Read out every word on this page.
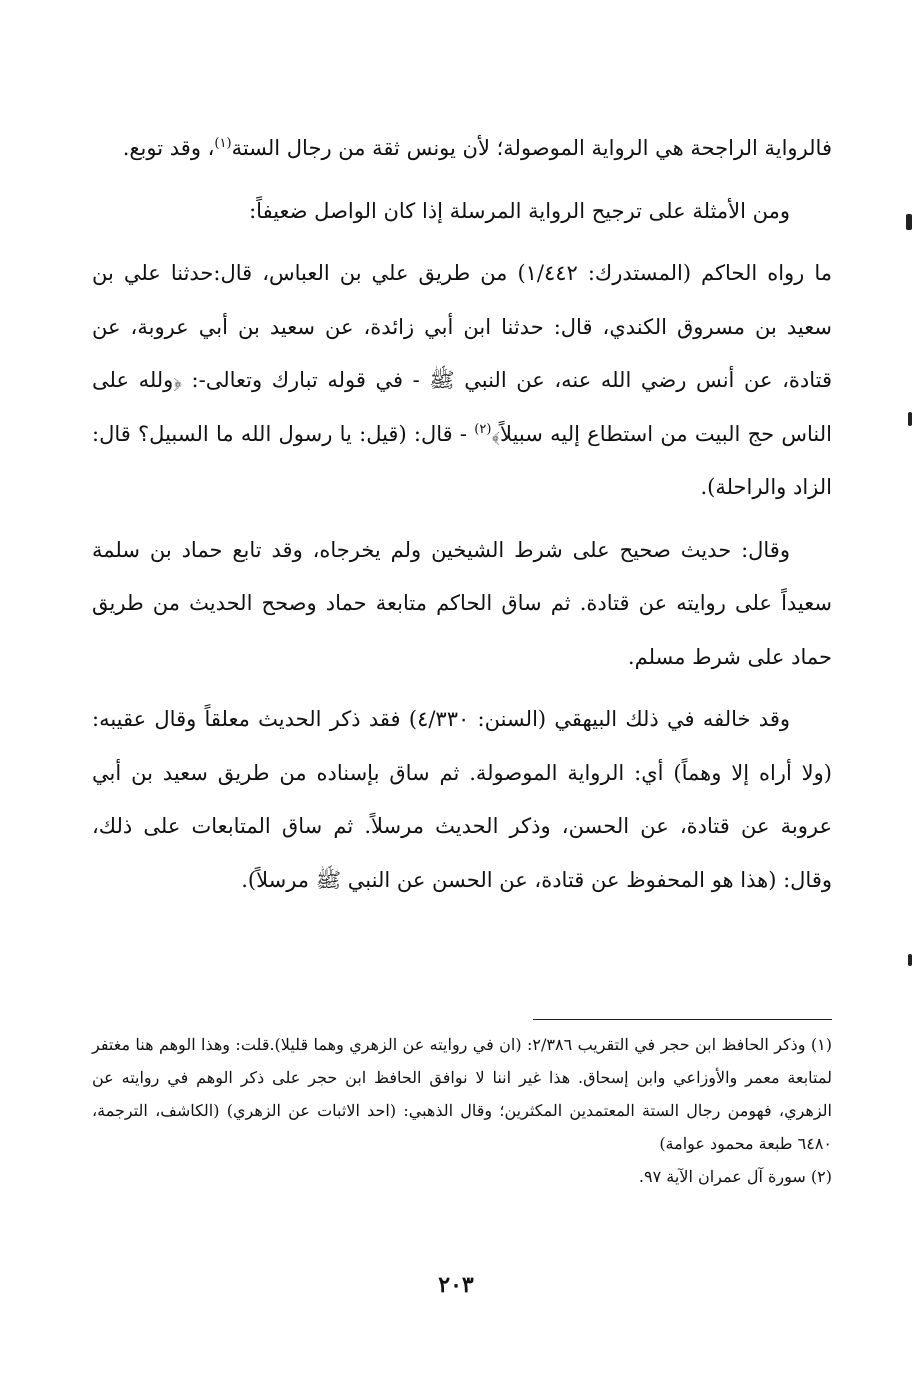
فالرواية الراجحة هي الرواية الموصولة؛ لأن يونس ثقة من رجال الستة$^{(١)}$، وقد توبع.

ومن الأمثلة على ترجيح الرواية المرسلة إذا كان الواصل ضعيفاً:

ما رواه الحاكم (المستدرك: ١/٤٤٢) من طريق علي بن العباس، قال:حدثنا علي بن سعيد بن مسروق الكندي، قال: حدثنا ابن أبي زائدة، عن سعيد بن أبي عروبة، عن قتادة، عن أنس رضي الله عنه، عن النبي ﷺ - في قوله تبارك وتعالى-: ﴿ولله على الناس حج البيت من استطاع إليه سبيلاً﴾$^{(٢)}$ - قال: (قيل: يا رسول الله ما السبيل؟ قال: الزاد والراحلة).

وقال: حديث صحيح على شرط الشيخين ولم يخرجاه، وقد تابع حماد بن سلمة سعيداً على روايته عن قتادة. ثم ساق الحاكم متابعة حماد وصحح الحديث من طريق حماد على شرط مسلم.

وقد خالفه في ذلك البيهقي (السنن: ٤/٣٣٠) فقد ذكر الحديث معلقاً وقال عقيبه: (ولا أراه إلا وهماً) أي: الرواية الموصولة. ثم ساق بإسناده من طريق سعيد بن أبي عروبة عن قتادة، عن الحسن، وذكر الحديث مرسلاً. ثم ساق المتابعات على ذلك، وقال: (هذا هو المحفوظ عن قتادة، عن الحسن عن النبي ﷺ مرسلاً).

(١) وذكر الحافظ ابن حجر في التقريب ٢/٣٨٦: (ان في روايته عن الزهري وهما قليلا).قلت: وهذا الوهم هنا مغتفر لمتابعة معمر والأوزاعي وابن إسحاق. هذا غير اننا لا نوافق الحافظ ابن حجر على ذكر الوهم في روايته عن الزهري، فهومن رجال الستة المعتمدين المكثرين؛ وقال الذهبي: (احد الاثبات عن الزهري) (الكاشف، الترجمة، ٦٤٨٠ طبعة محمود عوامة)

(٢) سورة آل عمران الآية ٩٧.

٢٠٣
